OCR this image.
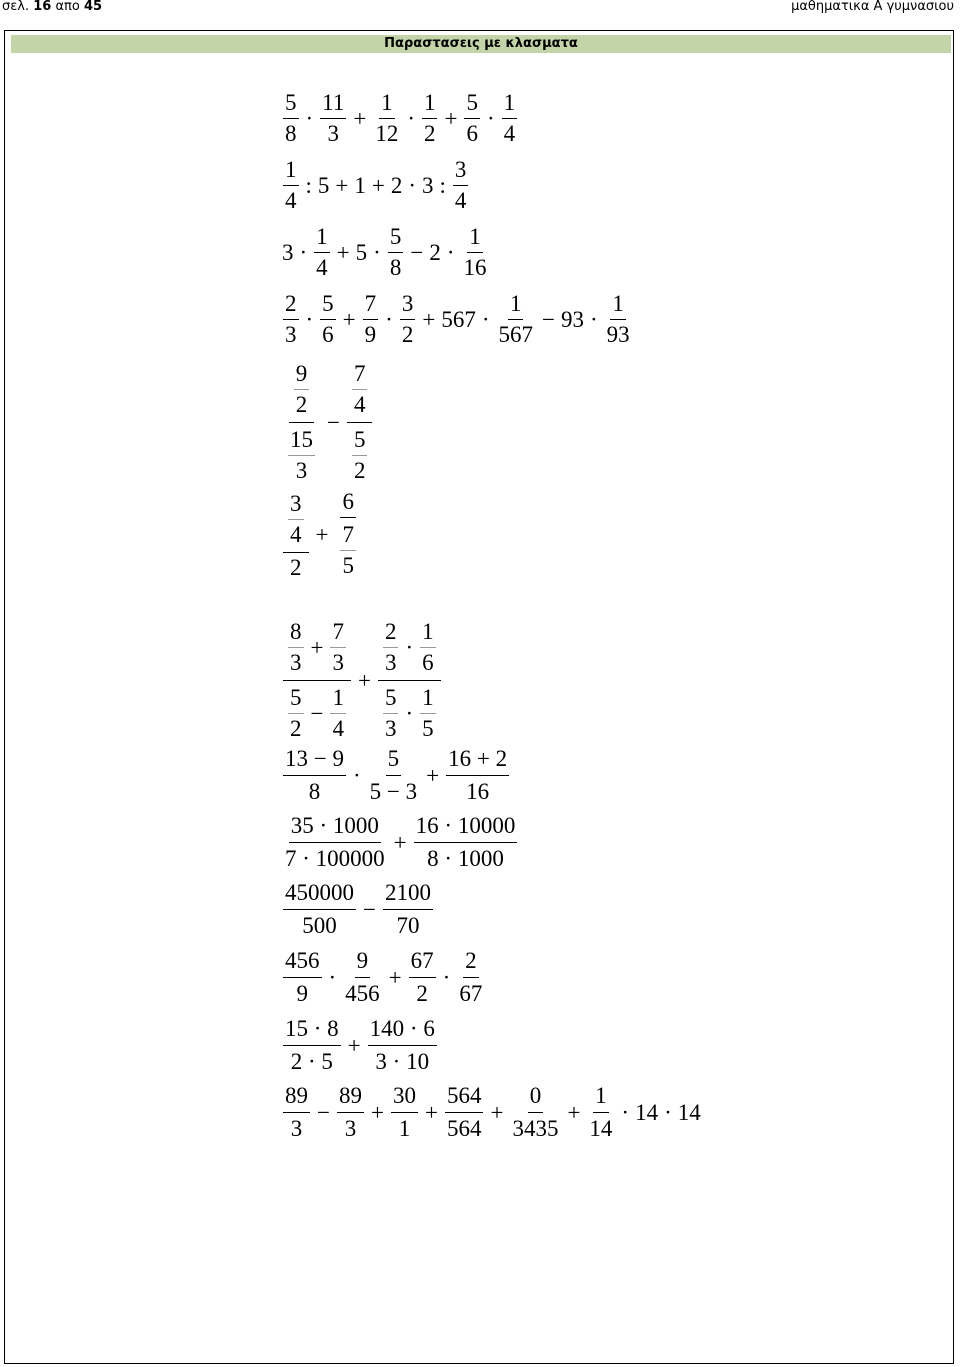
σελ. 16 απο 45	μαθηματικα Α γυμνασιου
Παραστασεις με κλασματα
5
8
·
11
3
+ $\frac{1}{12}$ ·
1
2
+ $\frac{5}{6}$ ·
1
4
1
4
: 5 + 1 + 2 · 3 :
3
4
3 ·
1
4
+ 5 ·
5
8
− 2 ·
1
16
2
3
·
5
6
+ $\frac{7}{9}$ ·
3
2
+ 567 ·
1
567
− 93 ·
1
93
$\frac{9}{2}$
$\frac{15}{3}$
− $\frac{\frac{7}{4}}{\frac{5}{2}}$
$\frac{3}{4}$
2
+ $\frac{6}{\frac{7}{5}}$
8
3
+ $\frac{7}{3}$
5
2
− $\frac{1}{4}$
+ 2
3
·
1
6
5
3
·
1
5
13 − 9
8
·
5
5 − 3
+ $\frac{16 + 2}{16}$
35 · 1000
7 · 100000
+ $\frac{16 \cdot 10000}{8 \cdot 1000}$
450000
500
− $\frac{2100}{70}$
456
9
·
9
456
+ $\frac{67}{2}$ ·
2
67
15 · 8
2 · 5
+ $\frac{140 \cdot 6}{3 \cdot 10}$
89
3
− $\frac{89}{3} + \frac{30}{1} + \frac{564}{564} + \frac{0}{3435} + \frac{1}{14} \cdot 14 \cdot 14$
